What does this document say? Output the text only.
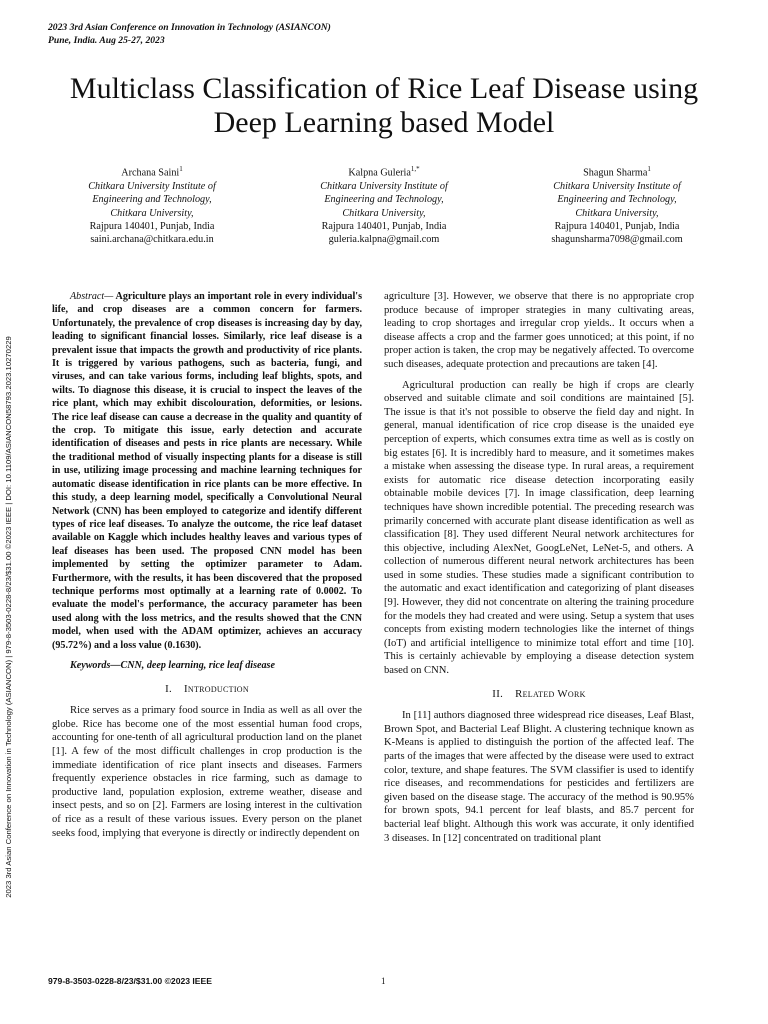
2023 3rd Asian Conference on Innovation in Technology (ASIANCON)
Pune, India. Aug 25-27, 2023
Multiclass Classification of Rice Leaf Disease using Deep Learning based Model
Archana Saini$^1$
Chitkara University Institute of
Engineering and Technology,
Chitkara University,
Rajpura 140401, Punjab, India
saini.archana@chitkara.edu.in
Kalpna Guleria$^{1,*}$
Chitkara University Institute of
Engineering and Technology,
Chitkara University,
Rajpura 140401, Punjab, India
guleria.kalpna@gmail.com
Shagun Sharma$^1$
Chitkara University Institute of
Engineering and Technology,
Chitkara University,
Rajpura 140401, Punjab, India
shagunsharma7098@gmail.com
2023 3rd Asian Conference on Innovation in Technology (ASIANCON) | 979-8-3503-0228-8/23/$31.00 ©2023 IEEE | DOI: 10.1109/ASIANCON58793.2023.10270229

Abstract— Agriculture plays an important role in every individual's life, and crop diseases are a common concern for farmers. Unfortunately, the prevalence of crop diseases is increasing day by day, leading to significant financial losses. Similarly, rice leaf disease is a prevalent issue that impacts the growth and productivity of rice plants. It is triggered by various pathogens, such as bacteria, fungi, and viruses, and can take various forms, including leaf blights, spots, and wilts. To diagnose this disease, it is crucial to inspect the leaves of the rice plant, which may exhibit discolouration, deformities, or lesions. The rice leaf disease can cause a decrease in the quality and quantity of the crop. To mitigate this issue, early detection and accurate identification of diseases and pests in rice plants are necessary. While the traditional method of visually inspecting plants for a disease is still in use, utilizing image processing and machine learning techniques for automatic disease identification in rice plants can be more effective. In this study, a deep learning model, specifically a Convolutional Neural Network (CNN) has been employed to categorize and identify different types of rice leaf diseases. To analyze the outcome, the rice leaf dataset available on Kaggle which includes healthy leaves and various types of leaf diseases has been used. The proposed CNN model has been implemented by setting the optimizer parameter to Adam. Furthermore, with the results, it has been discovered that the proposed technique performs most optimally at a learning rate of 0.0002. To evaluate the model's performance, the accuracy parameter has been used along with the loss metrics, and the results showed that the CNN model, when used with the ADAM optimizer, achieves an accuracy (95.72%) and a loss value (0.1630).

Keywords—CNN, deep learning, rice leaf disease

I. Introduction

Rice serves as a primary food source in India as well as all over the globe. Rice has become one of the most essential human food crops, accounting for one-tenth of all agricultural production land on the planet [1]. A few of the most difficult challenges in crop production is the immediate identification of rice plant insects and diseases. Farmers frequently experience obstacles in rice farming, such as damage to productive land, population explosion, extreme weather, disease and insect pests, and so on [2]. Farmers are losing interest in the cultivation of rice as a result of these various issues. Every person on the planet seeks food, implying that everyone is directly or indirectly dependent on

agriculture [3]. However, we observe that there is no appropriate crop produce because of improper strategies in many cultivating areas, leading to crop shortages and irregular crop yields.. It occurs when a disease affects a crop and the farmer goes unnoticed; at this point, if no proper action is taken, the crop may be negatively affected. To overcome such diseases, adequate protection and precautions are taken [4].

Agricultural production can really be high if crops are clearly observed and suitable climate and soil conditions are maintained [5]. The issue is that it's not possible to observe the field day and night. In general, manual identification of rice crop disease is the unaided eye perception of experts, which consumes extra time as well as is costly on big estates [6]. It is incredibly hard to measure, and it sometimes makes a mistake when assessing the disease type. In rural areas, a requirement exists for automatic rice disease detection incorporating easily obtainable mobile devices [7]. In image classification, deep learning techniques have shown incredible potential. The preceding research was primarily concerned with accurate plant disease identification as well as classification [8]. They used different Neural network architectures for this objective, including AlexNet, GoogLeNet, LeNet-5, and others. A collection of numerous different neural network architectures has been used in some studies. These studies made a significant contribution to the automatic and exact identification and categorizing of plant diseases [9]. However, they did not concentrate on altering the training procedure for the models they had created and were using. Setup a system that uses concepts from existing modern technologies like the internet of things (IoT) and artificial intelligence to minimize total effort and time [10]. This is certainly achievable by employing a disease detection system based on CNN.

II. Related Work

In [11] authors diagnosed three widespread rice diseases, Leaf Blast, Brown Spot, and Bacterial Leaf Blight. A clustering technique known as K-Means is applied to distinguish the portion of the affected leaf. The parts of the images that were affected by the disease were used to extract color, texture, and shape features. The SVM classifier is used to identify rice diseases, and recommendations for pesticides and fertilizers are given based on the disease stage. The accuracy of the method is 90.95% for brown spots, 94.1 percent for leaf blasts, and 85.7 percent for bacterial leaf blight. Although this work was accurate, it only identified 3 diseases. In [12] concentrated on traditional plant

979-8-3503-0228-8/23/$31.00 ©2023 IEEE	1
